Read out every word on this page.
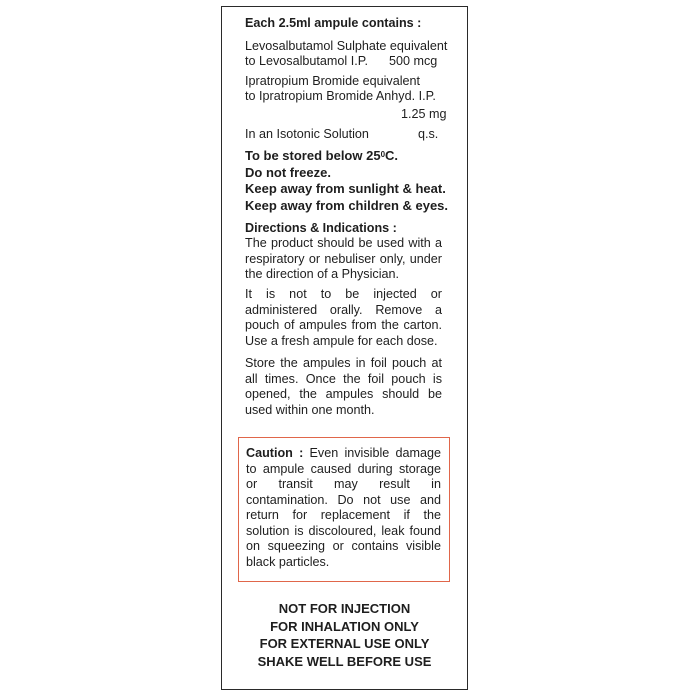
Each 2.5ml ampule contains :

Levosalbutamol Sulphate equivalent

to Levosalbutamol I.P. 500 mcg

Ipratropium Bromide equivalent

to Ipratropium Bromide Anhyd. I.P.

1.25 mg

In an Isotonic Solution	q.s.

To be stored below $25^0C$.
Do not freeze.
Keep away from sunlight & heat.
Keep away from children & eyes.

Directions & Indications :

The product should be used with a respiratory or nebuliser only, under the direction of a Physician.

It is not to be injected or administered orally. Remove a pouch of ampules from the carton. Use a fresh ampule for each dose.

Store the ampules in foil pouch at all times. Once the foil pouch is opened, the ampules should be used within one month.

Caution : Even invisible damage to ampule caused during storage or transit may result in contamination. Do not use and return for replacement if the solution is discoloured, leak found on squeezing or contains visible black particles.

NOT FOR INJECTION
FOR INHALATION ONLY
FOR EXTERNAL USE ONLY
SHAKE WELL BEFORE USE
